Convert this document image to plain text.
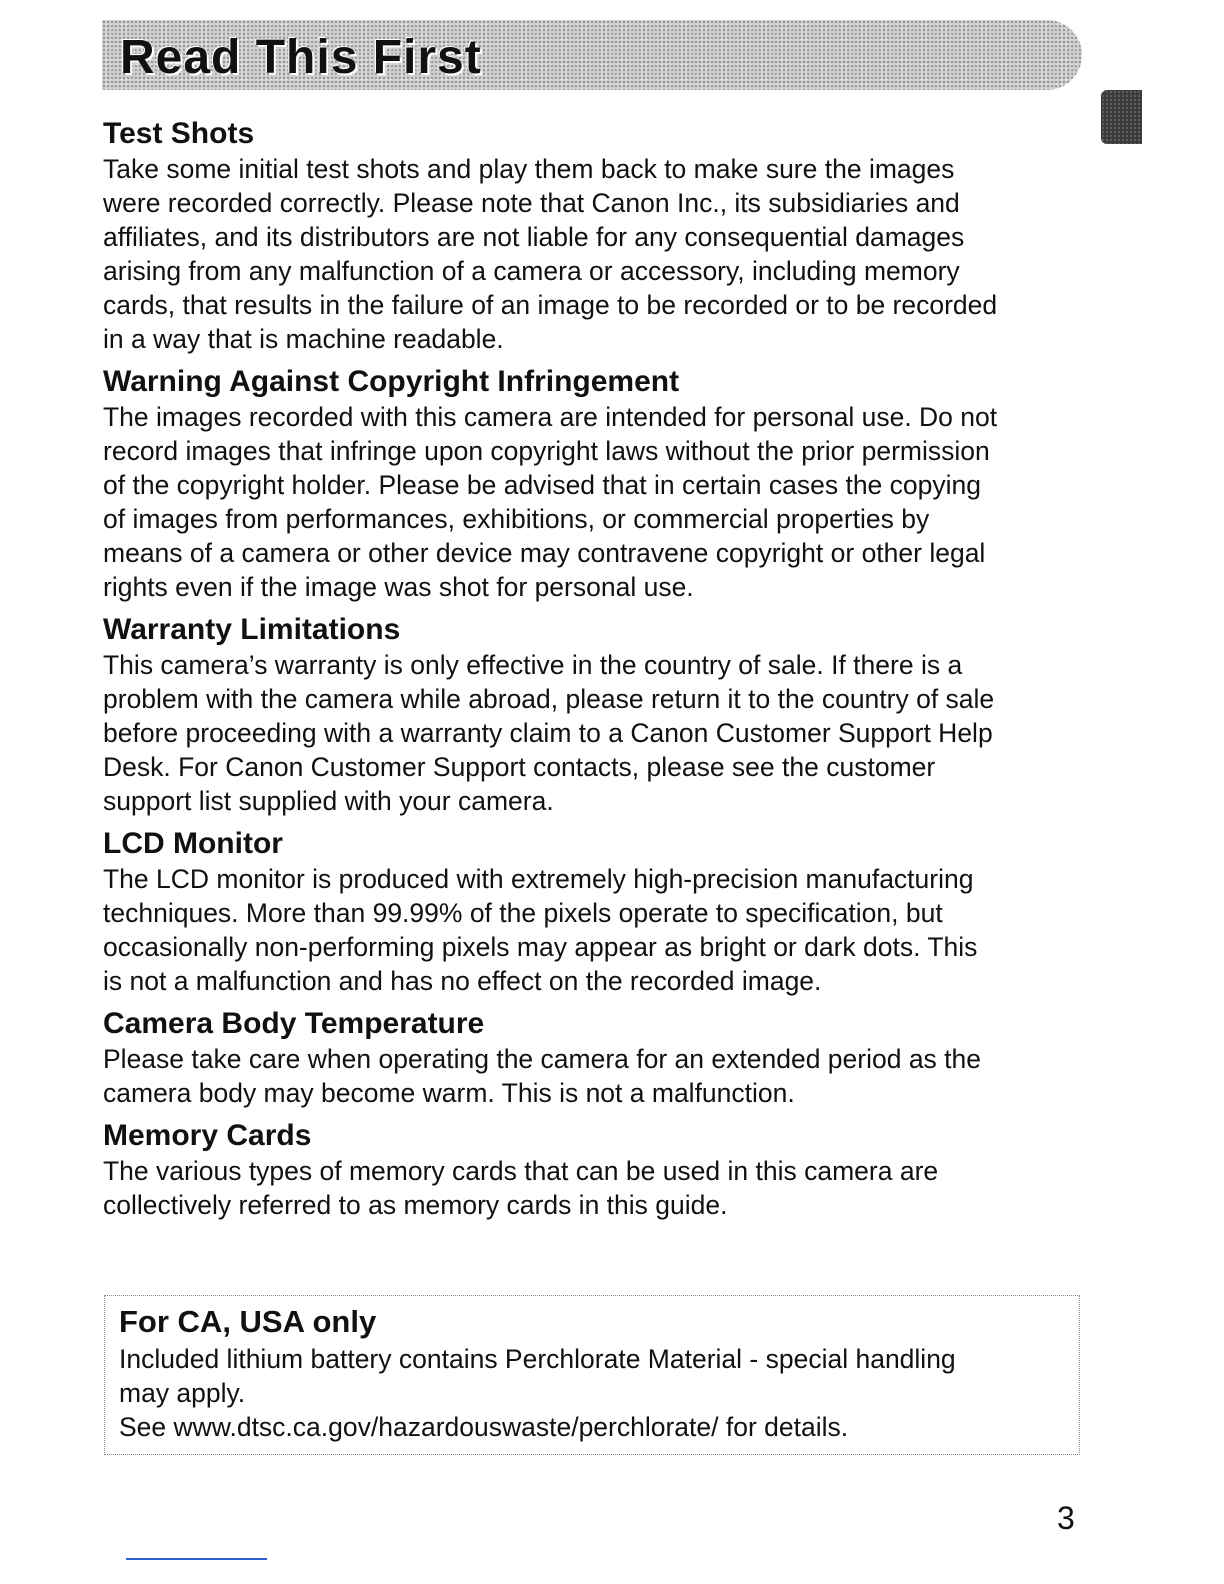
Read This First
Test Shots
Take some initial test shots and play them back to make sure the images
were recorded correctly. Please note that Canon Inc., its subsidiaries and
affiliates, and its distributors are not liable for any consequential damages
arising from any malfunction of a camera or accessory, including memory
cards, that results in the failure of an image to be recorded or to be recorded
in a way that is machine readable.
Warning Against Copyright Infringement
The images recorded with this camera are intended for personal use. Do not
record images that infringe upon copyright laws without the prior permission
of the copyright holder. Please be advised that in certain cases the copying
of images from performances, exhibitions, or commercial properties by
means of a camera or other device may contravene copyright or other legal
rights even if the image was shot for personal use.
Warranty Limitations
This camera’s warranty is only effective in the country of sale. If there is a
problem with the camera while abroad, please return it to the country of sale
before proceeding with a warranty claim to a Canon Customer Support Help
Desk. For Canon Customer Support contacts, please see the customer
support list supplied with your camera.
LCD Monitor
The LCD monitor is produced with extremely high-precision manufacturing
techniques. More than 99.99% of the pixels operate to specification, but
occasionally non-performing pixels may appear as bright or dark dots. This
is not a malfunction and has no effect on the recorded image.
Camera Body Temperature
Please take care when operating the camera for an extended period as the
camera body may become warm. This is not a malfunction.
Memory Cards
The various types of memory cards that can be used in this camera are
collectively referred to as memory cards in this guide.
For CA, USA only
Included lithium battery contains Perchlorate Material - special handling
may apply.
See www.dtsc.ca.gov/hazardouswaste/perchlorate/ for details.
3
